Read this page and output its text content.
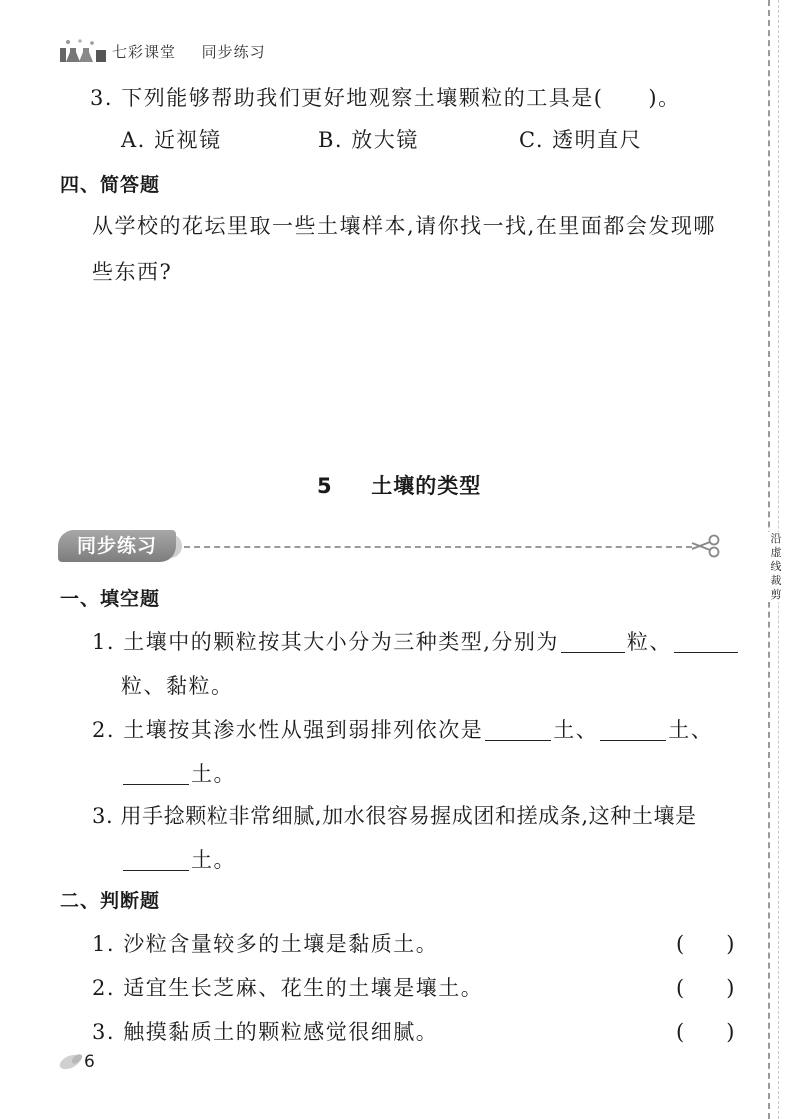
七彩课堂 同步练习
3. 下列能够帮助我们更好地观察土壤颗粒的工具是(　　)。
A. 近视镜	B. 放大镜	C. 透明直尺
四、简答题
从学校的花坛里取一些土壤样本,请你找一找,在里面都会发现哪
些东西?
5 土壤的类型
同步练习	沿虚线裁剪
一、填空题
1. 土壤中的颗粒按其大小分为三种类型,分别为	粒、
粒、黏粒。
2. 土壤按其渗水性从强到弱排列依次是	土、	土、
土。
3. 用手捻颗粒非常细腻,加水很容易握成团和搓成条,这种土壤是
土。
二、判断题
1. 沙粒含量较多的土壤是黏质土。	(　　)
2. 适宜生长芝麻、花生的土壤是壤土。	(　　)
3. 触摸黏质土的颗粒感觉很细腻。	(　　)
6
